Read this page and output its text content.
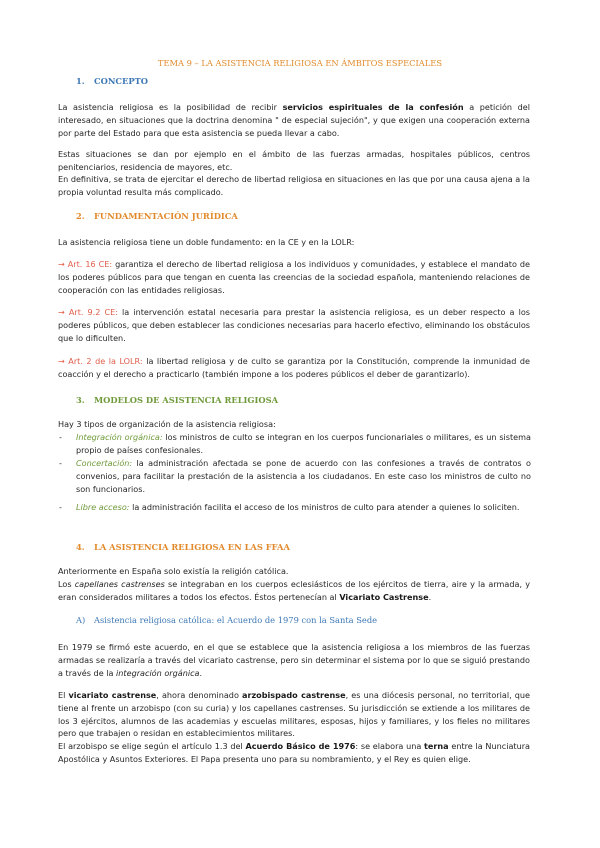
TEMA 9 – LA ASISTENCIA RELIGIOSA EN ÁMBITOS ESPECIALES
1. CONCEPTO
La asistencia religiosa es la posibilidad de recibir servicios espirituales de la confesión a petición del interesado, en situaciones que la doctrina denomina " de especial sujeción", y que exigen una cooperación externa por parte del Estado para que esta asistencia se pueda llevar a cabo.
Estas situaciones se dan por ejemplo en el ámbito de las fuerzas armadas, hospitales públicos, centros penitenciarios, residencia de mayores, etc.
En definitiva, se trata de ejercitar el derecho de libertad religiosa en situaciones en las que por una causa ajena a la propia voluntad resulta más complicado.
2. FUNDAMENTACIÓN JURÍDICA
La asistencia religiosa tiene un doble fundamento: en la CE y en la LOLR:
→ Art. 16 CE: garantiza el derecho de libertad religiosa a los individuos y comunidades, y establece el mandato de los poderes públicos para que tengan en cuenta las creencias de la sociedad española, manteniendo relaciones de cooperación con las entidades religiosas.
→ Art. 9.2 CE: la intervención estatal necesaria para prestar la asistencia religiosa, es un deber respecto a los poderes públicos, que deben establecer las condiciones necesarias para hacerlo efectivo, eliminando los obstáculos que lo dificulten.
→ Art. 2 de la LOLR: la libertad religiosa y de culto se garantiza por la Constitución, comprende la inmunidad de coacción y el derecho a practicarlo (también impone a los poderes públicos el deber de garantizarlo).
3. MODELOS DE ASISTENCIA RELIGIOSA
Hay 3 tipos de organización de la asistencia religiosa:
- Integración orgánica: los ministros de culto se integran en los cuerpos funcionariales o militares, es un sistema propio de países confesionales.
- Concertación: la administración afectada se pone de acuerdo con las confesiones a través de contratos o convenios, para facilitar la prestación de la asistencia a los ciudadanos. En este caso los ministros de culto no son funcionarios.
- Libre acceso: la administración facilita el acceso de los ministros de culto para atender a quienes lo soliciten.
4. LA ASISTENCIA RELIGIOSA EN LAS FFAA
Anteriormente en España solo existía la religión católica.
Los capellanes castrenses se integraban en los cuerpos eclesiásticos de los ejércitos de tierra, aire y la armada, y eran considerados militares a todos los efectos. Éstos pertenecían al Vicariato Castrense.
A) Asistencia religiosa católica: el Acuerdo de 1979 con la Santa Sede
En 1979 se firmó este acuerdo, en el que se establece que la asistencia religiosa a los miembros de las fuerzas armadas se realizaría a través del vicariato castrense, pero sin determinar el sistema por lo que se siguió prestando a través de la integración orgánica.
El vicariato castrense, ahora denominado arzobispado castrense, es una diócesis personal, no territorial, que tiene al frente un arzobispo (con su curia) y los capellanes castrenses. Su jurisdicción se extiende a los militares de los 3 ejércitos, alumnos de las academias y escuelas militares, esposas, hijos y familiares, y los fieles no militares pero que trabajen o residan en establecimientos militares.
El arzobispo se elige según el artículo 1.3 del Acuerdo Básico de 1976: se elabora una terna entre la Nunciatura Apostólica y Asuntos Exteriores. El Papa presenta uno para su nombramiento, y el Rey es quien elige.
